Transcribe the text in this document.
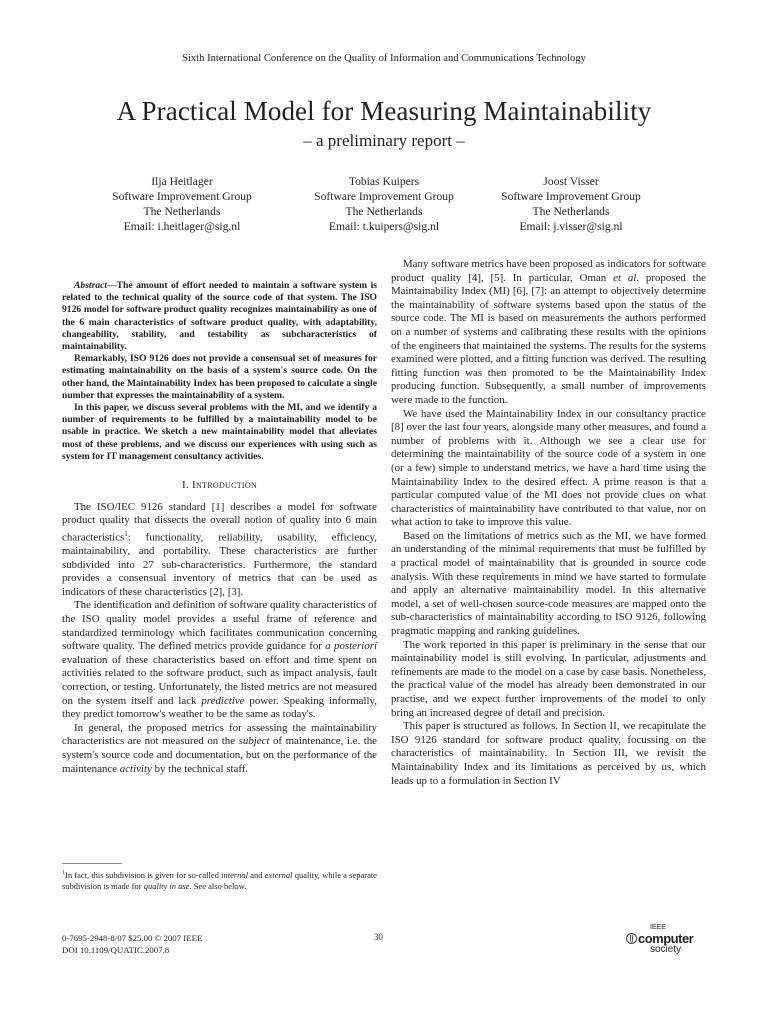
Sixth International Conference on the Quality of Information and Communications Technology
A Practical Model for Measuring Maintainability
– a preliminary report –
Ilja Heitlager
Software Improvement Group
The Netherlands
Email: i.heitlager@sig.nl
Tobias Kuipers
Software Improvement Group
The Netherlands
Email: t.kuipers@sig.nl
Joost Visser
Software Improvement Group
The Netherlands
Email: j.visser@sig.nl

Abstract—The amount of effort needed to maintain a software system is related to the technical quality of the source code of that system. The ISO 9126 model for software product quality recognizes maintainability as one of the 6 main characteristics of software product quality, with adaptability, changeability, stability, and testability as subcharacteristics of maintainability.

Remarkably, ISO 9126 does not provide a consensual set of measures for estimating maintainability on the basis of a system's source code. On the other hand, the Maintainability Index has been proposed to calculate a single number that expresses the maintainability of a system.

In this paper, we discuss several problems with the MI, and we identify a number of requirements to be fulfilled by a maintainability model to be usable in practice. We sketch a new maintainability model that alleviates most of these problems, and we discuss our experiences with using such as system for IT management consultancy activities.

I. Introduction

The ISO/IEC 9126 standard [1] describes a model for software product quality that dissects the overall notion of quality into 6 main characteristics$^1$: functionality, reliability, usability, efficiency, maintainability, and portability. These characteristics are further subdivided into 27 sub-characteristics. Furthermore, the standard provides a consensual inventory of metrics that can be used as indicators of these characteristics [2], [3].

The identification and definition of software quality characteristics of the ISO quality model provides a useful frame of reference and standardized terminology which facilitates communication concerning software quality. The defined metrics provide guidance for a posteriori evaluation of these characteristics based on effort and time spent on activities related to the software product, such as impact analysis, fault correction, or testing. Unfortunately, the listed metrics are not measured on the system itself and lack predictive power. Speaking informally, they predict tomorrow's weather to be the same as today's.

In general, the proposed metrics for assessing the maintainability characteristics are not measured on the subject of maintenance, i.e. the system's source code and documentation, but on the performance of the maintenance activity by the technical staff.

$^1$In fact, this subdivision is given for so-called internal and external quality, while a separate subdivision is made for quality in use. See also below.

Many software metrics have been proposed as indicators for software product quality [4], [5]. In particular, Oman et al. proposed the Maintainability Index (MI) [6], [7]: an attempt to objectively determine the maintainability of software systems based upon the status of the source code. The MI is based on measurements the authors performed on a number of systems and calibrating these results with the opinions of the engineers that maintained the systems. The results for the systems examined were plotted, and a fitting function was derived. The resulting fitting function was then promoted to be the Maintainability Index producing function. Subsequently, a small number of improvements were made to the function.

We have used the Maintainability Index in our consultancy practice [8] over the last four years, alongside many other measures, and found a number of problems with it. Although we see a clear use for determining the maintainability of the source code of a system in one (or a few) simple to understand metrics, we have a hard time using the Maintainability Index to the desired effect. A prime reason is that a particular computed value of the MI does not provide clues on what characteristics of maintainability have contributed to that value, nor on what action to take to improve this value.

Based on the limitations of metrics such as the MI, we have formed an understanding of the minimal requirements that must be fulfilled by a practical model of maintainability that is grounded in source code analysis. With these requirements in mind we have started to formulate and apply an alternative maintainability model. In this alternative model, a set of well-chosen source-code measures are mapped onto the sub-characteristics of maintainability according to ISO 9126, following pragmatic mapping and ranking guidelines.

The work reported in this paper is preliminary in the sense that our maintainability model is still evolving. In particular, adjustments and refinements are made to the model on a case by case basis. Nonetheless, the practical value of the model has already been demonstrated in our practise, and we expect further improvements of the model to only bring an increased degree of detail and precision.

This paper is structured as follows. In Section II, we recapitulate the ISO 9126 standard for software product quality, focussing on the characteristics of maintainability. In Section III, we revisit the Maintainability Index and its limitations as perceived by us, which leads up to a formulation in Section IV

0-7695-2948-8/07 $25.00 © 2007 IEEE
DOI 10.1109/QUATIC.2007.8
30
IEEE
computer
society
